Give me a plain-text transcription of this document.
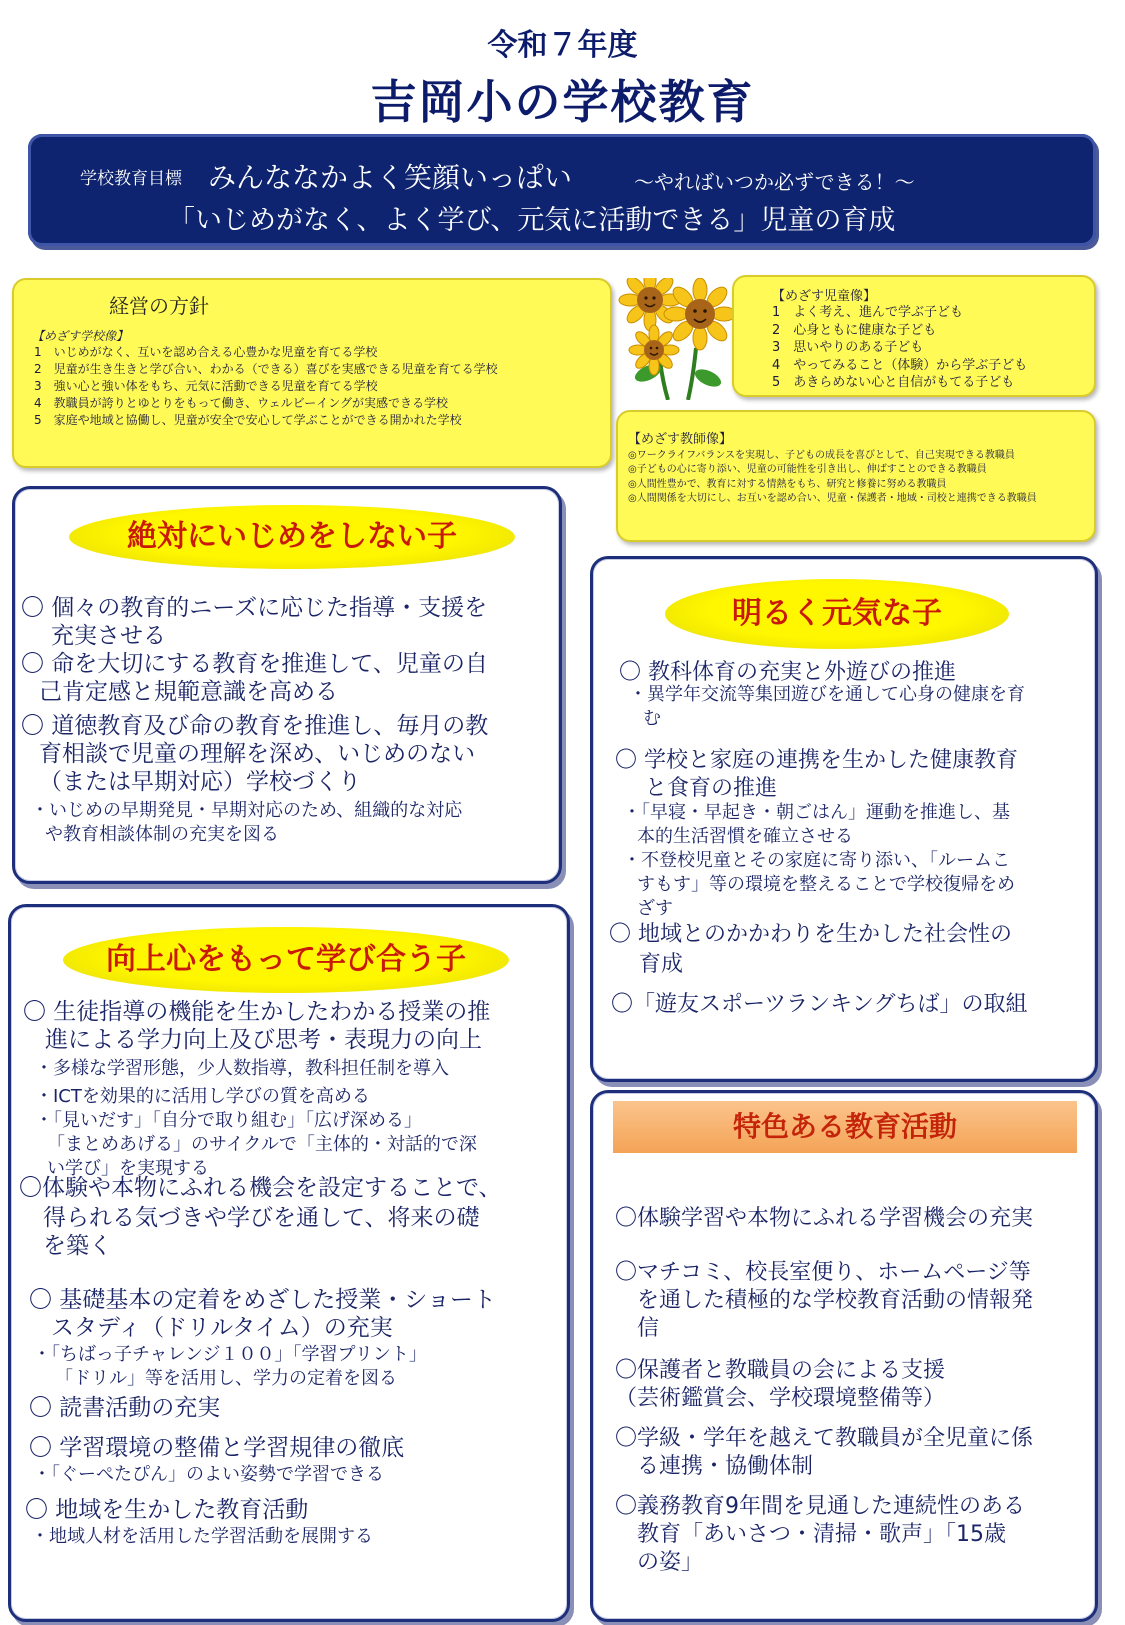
令和７年度
吉岡小の学校教育
学校教育目標 みんななかよく笑顔いっぱい	〜やればいつか必ずできる！〜
「いじめがなく、よく学び、元気に活動できる」児童の育成
経営の方針
【めざす学校像】
1　いじめがなく、互いを認め合える心豊かな児童を育てる学校
2　児童が生き生きと学び合い、わかる（できる）喜びを実感できる児童を育てる学校
3　強い心と強い体をもち、元気に活動できる児童を育てる学校
4　教職員が誇りとゆとりをもって働き、ウェルビーイングが実感できる学校
5　家庭や地域と協働し、児童が安全で安心して学ぶことができる開かれた学校
【めざす児童像】
1　よく考え、進んで学ぶ子ども
2　心身ともに健康な子ども
3　思いやりのある子ども
4　やってみること（体験）から学ぶ子ども
5　あきらめない心と自信がもてる子ども
【めざす教師像】
◎ワークライフバランスを実現し、子どもの成長を喜びとして、自己実現できる教職員
◎子どもの心に寄り添い、児童の可能性を引き出し、伸ばすことのできる教職員
◎人間性豊かで、教育に対する情熱をもち、研究と修養に努める教職員
◎人間関係を大切にし、お互いを認め合い、児童・保護者・地域・司校と連携できる教職員
絶対にいじめをしない子
〇 個々の教育的ニーズに応じた指導・支援を
充実させる
〇 命を大切にする教育を推進して、児童の自
己肯定感と規範意識を高める
〇 道徳教育及び命の教育を推進し、毎月の教
育相談で児童の理解を深め、いじめのない
（または早期対応）学校づくり
・いじめの早期発見・早期対応のため、組織的な対応
や教育相談体制の充実を図る
向上心をもって学び合う子
〇 生徒指導の機能を生かしたわかる授業の推
進による学力向上及び思考・表現力の向上
・多様な学習形態，少人数指導，教科担任制を導入
・ICTを効果的に活用し学びの質を高める
・「見いだす」「自分で取り組む」「広げ深める」
「まとめあげる」のサイクルで「主体的・対話的で深
い学び」を実現する
〇体験や本物にふれる機会を設定することで、
得られる気づきや学びを通して、将来の礎
を築く
〇 基礎基本の定着をめざした授業・ショート
スタディ（ドリルタイム）の充実
・「ちばっ子チャレンジ１００」「学習プリント」
「ドリル」等を活用し、学力の定着を図る
〇 読書活動の充実
〇 学習環境の整備と学習規律の徹底
・「ぐーぺたぴん」のよい姿勢で学習できる
〇 地域を生かした教育活動
・地域人材を活用した学習活動を展開する
明るく元気な子
〇 教科体育の充実と外遊びの推進
・異学年交流等集団遊びを通して心身の健康を育
む
〇 学校と家庭の連携を生かした健康教育
と食育の推進
・「早寝・早起き・朝ごはん」運動を推進し、基
本的生活習慣を確立させる
・不登校児童とその家庭に寄り添い、「ルームこ
すもす」等の環境を整えることで学校復帰をめ
ざす
〇 地域とのかかわりを生かした社会性の
育成
〇「遊友スポーツランキングちば」の取組
特色ある教育活動
〇体験学習や本物にふれる学習機会の充実
〇マチコミ、校長室便り、ホームページ等
を通した積極的な学校教育活動の情報発
信
〇保護者と教職員の会による支援
（芸術鑑賞会、学校環境整備等）
〇学級・学年を越えて教職員が全児童に係
る連携・協働体制
〇義務教育9年間を見通した連続性のある
教育「あいさつ・清掃・歌声」「15歳
の姿」
